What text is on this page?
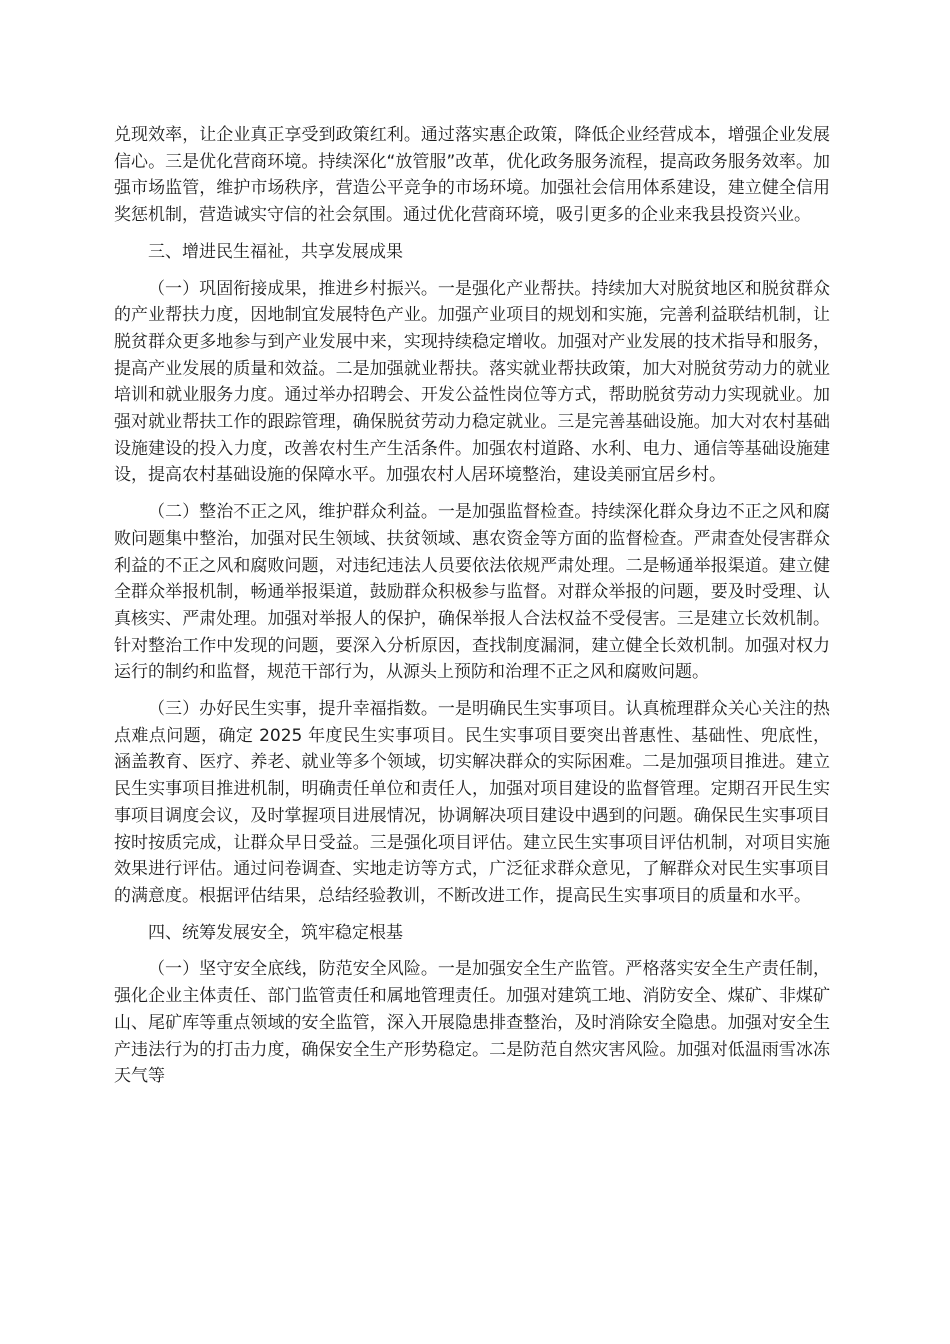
兑现效率，让企业真正享受到政策红利。通过落实惠企政策，降低企业经营成本，增强企业发展信心。三是优化营商环境。持续深化“放管服”改革，优化政务服务流程，提高政务服务效率。加强市场监管，维护市场秩序，营造公平竞争的市场环境。加强社会信用体系建设，建立健全信用奖惩机制，营造诚实守信的社会氛围。通过优化营商环境，吸引更多的企业来我县投资兴业。

三、增进民生福祉，共享发展成果

（一）巩固衔接成果，推进乡村振兴。一是强化产业帮扶。持续加大对脱贫地区和脱贫群众的产业帮扶力度，因地制宜发展特色产业。加强产业项目的规划和实施，完善利益联结机制，让脱贫群众更多地参与到产业发展中来，实现持续稳定增收。加强对产业发展的技术指导和服务，提高产业发展的质量和效益。二是加强就业帮扶。落实就业帮扶政策，加大对脱贫劳动力的就业培训和就业服务力度。通过举办招聘会、开发公益性岗位等方式，帮助脱贫劳动力实现就业。加强对就业帮扶工作的跟踪管理，确保脱贫劳动力稳定就业。三是完善基础设施。加大对农村基础设施建设的投入力度，改善农村生产生活条件。加强农村道路、水利、电力、通信等基础设施建设，提高农村基础设施的保障水平。加强农村人居环境整治，建设美丽宜居乡村。

（二）整治不正之风，维护群众利益。一是加强监督检查。持续深化群众身边不正之风和腐败问题集中整治，加强对民生领域、扶贫领域、惠农资金等方面的监督检查。严肃查处侵害群众利益的不正之风和腐败问题，对违纪违法人员要依法依规严肃处理。二是畅通举报渠道。建立健全群众举报机制，畅通举报渠道，鼓励群众积极参与监督。对群众举报的问题，要及时受理、认真核实、严肃处理。加强对举报人的保护，确保举报人合法权益不受侵害。三是建立长效机制。针对整治工作中发现的问题，要深入分析原因，查找制度漏洞，建立健全长效机制。加强对权力运行的制约和监督，规范干部行为，从源头上预防和治理不正之风和腐败问题。

（三）办好民生实事，提升幸福指数。一是明确民生实事项目。认真梳理群众关心关注的热点难点问题，确定 2025 年度民生实事项目。民生实事项目要突出普惠性、基础性、兜底性，涵盖教育、医疗、养老、就业等多个领域，切实解决群众的实际困难。二是加强项目推进。建立民生实事项目推进机制，明确责任单位和责任人，加强对项目建设的监督管理。定期召开民生实事项目调度会议，及时掌握项目进展情况，协调解决项目建设中遇到的问题。确保民生实事项目按时按质完成，让群众早日受益。三是强化项目评估。建立民生实事项目评估机制，对项目实施效果进行评估。通过问卷调查、实地走访等方式，广泛征求群众意见，了解群众对民生实事项目的满意度。根据评估结果，总结经验教训，不断改进工作，提高民生实事项目的质量和水平。

四、统筹发展安全，筑牢稳定根基

（一）坚守安全底线，防范安全风险。一是加强安全生产监管。严格落实安全生产责任制，强化企业主体责任、部门监管责任和属地管理责任。加强对建筑工地、消防安全、煤矿、非煤矿山、尾矿库等重点领域的安全监管，深入开展隐患排查整治，及时消除安全隐患。加强对安全生产违法行为的打击力度，确保安全生产形势稳定。二是防范自然灾害风险。加强对低温雨雪冰冻天气等
